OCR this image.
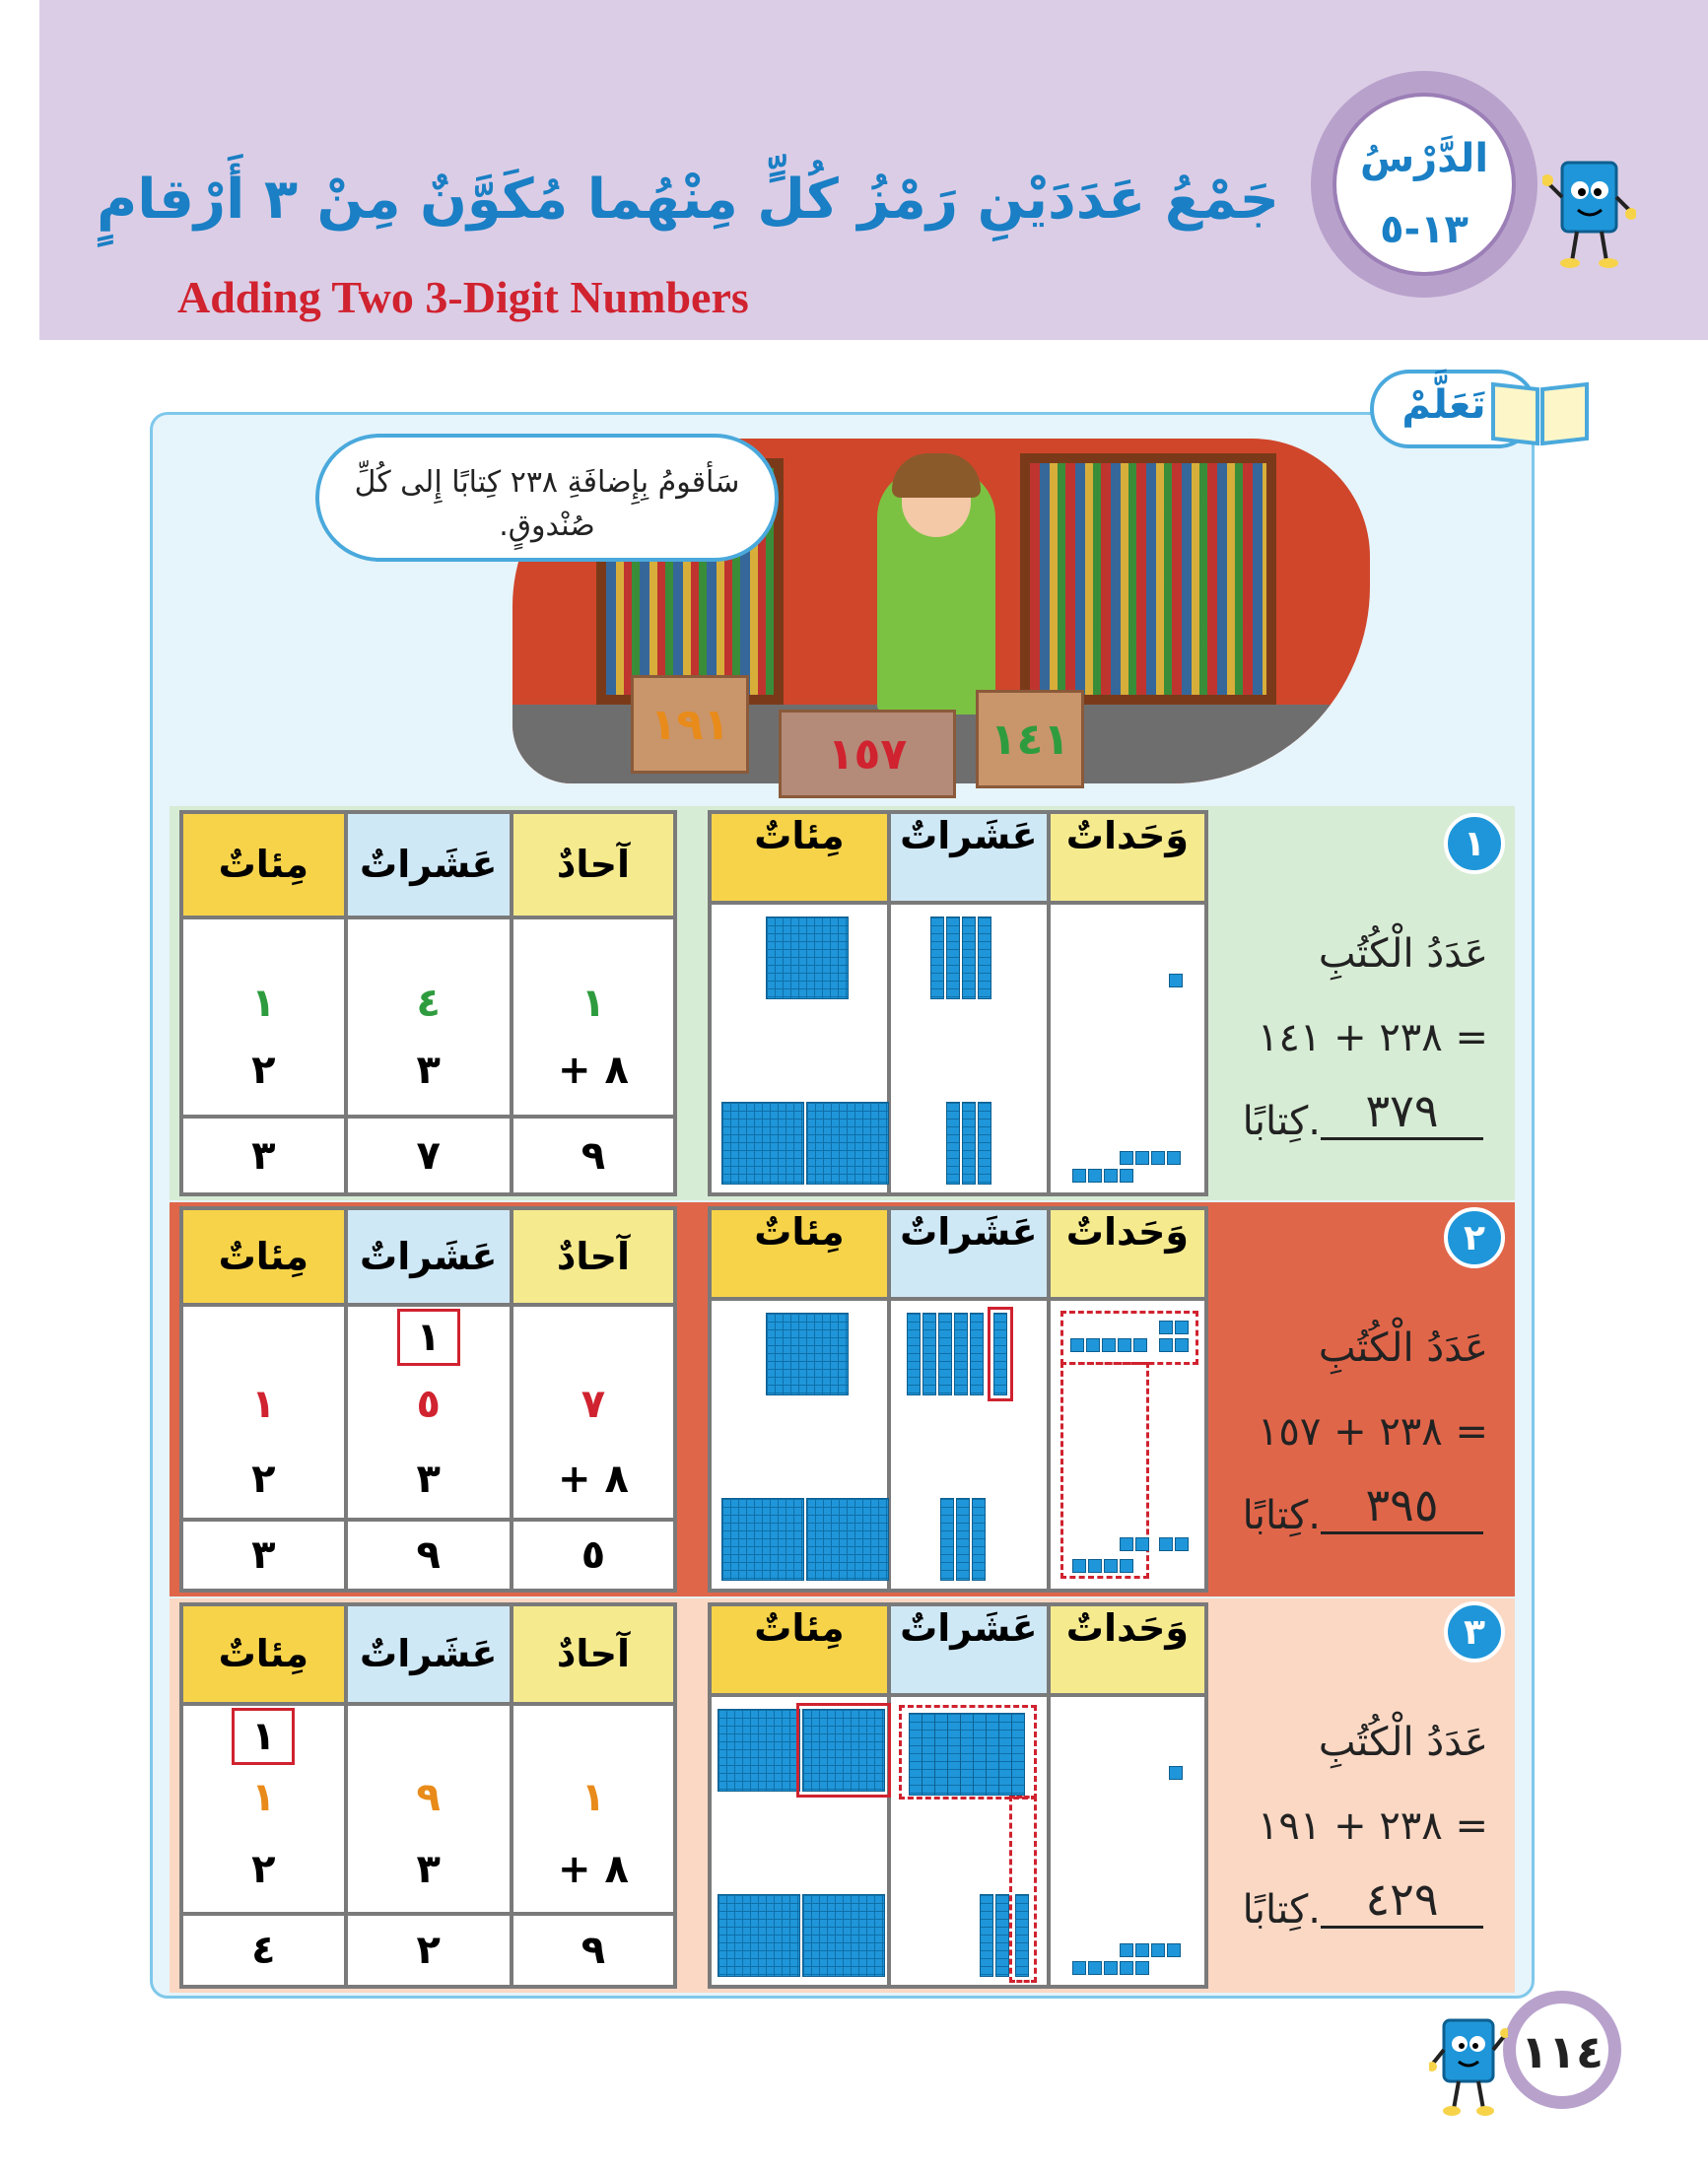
جَمْعُ عَدَدَيْنِ رَمْزُ كُلٍّ مِنْهُما مُكَوَّنٌ مِنْ ٣ أَرْقامٍ
Adding Two 3-Digit Numbers
الدَّرْسُ
١٣-٥
تَعَلَّمْ
١٩١
١٥٧	١٤١
سَأقومُ بِإِضافَةِ ٢٣٨ كِتابًا إِلى كُلِّ صُنْدوقٍ.
١
عَدَدُ الْكُتُبِ
= ٢٣٨ + ١٤١
٣٧٩
كِتابًا.
مِئاتٌ	عَشَراتٌ	وَحَداتٌ

مِئاتٌ	عَشَراتٌ	آحادٌ
١	٤	١
٢	٣	+ ٨
٣	٧	٩
٢
عَدَدُ الْكُتُبِ
= ٢٣٨ + ١٥٧
٣٩٥
كِتابًا.
مِئاتٌ	عَشَراتٌ	وَحَداتٌ

مِئاتٌ	عَشَراتٌ	آحادٌ
	١	
١	٥	٧
٢	٣	+ ٨
٣	٩	٥
٣
عَدَدُ الْكُتُبِ
= ٢٣٨ + ١٩١
٤٢٩
كِتابًا.
مِئاتٌ	عَشَراتٌ	وَحَداتٌ

مِئاتٌ	عَشَراتٌ	آحادٌ
١		
١	٩	١
٢	٣	+ ٨
٤	٢	٩
١١٤
